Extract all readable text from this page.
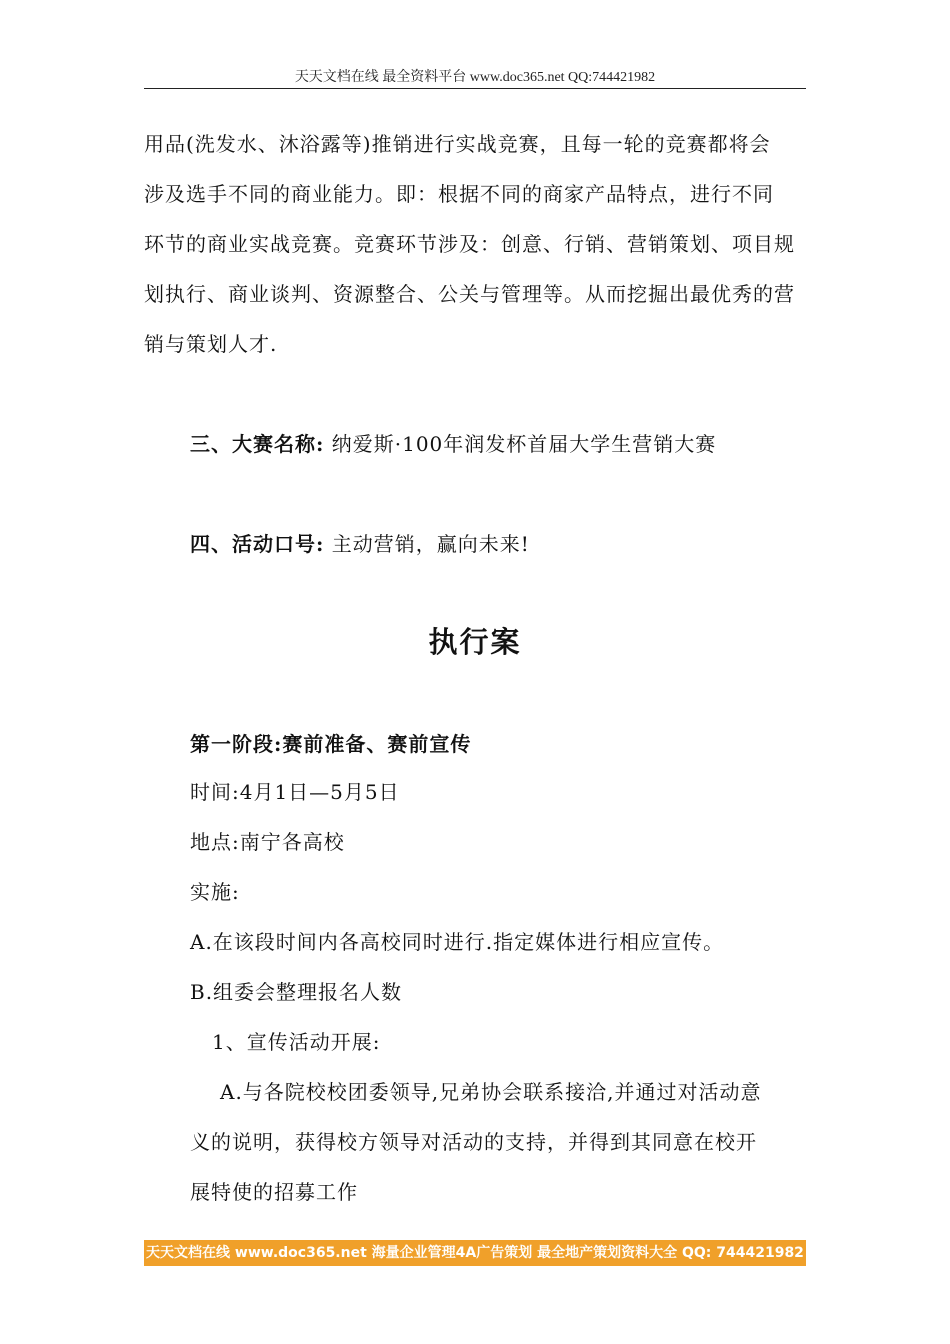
天天文档在线 最全资料平台 www.doc365.net QQ:744421982

用品(洗发水、沐浴露等)推销进行实战竞赛，且每一轮的竞赛都将会

涉及选手不同的商业能力。即：根据不同的商家产品特点，进行不同

环节的商业实战竞赛。竞赛环节涉及：创意、行销、营销策划、项目规

划执行、商业谈判、资源整合、公关与管理等。从而挖掘出最优秀的营

销与策划人才.

三、大赛名称: 纳爱斯·100年润发杯首届大学生营销大赛

四、活动口号: 主动营销，赢向未来!

执行案

第一阶段:赛前准备、赛前宣传

时间:4月1日—5月5日

地点:南宁各高校

实施:

A.在该段时间内各高校同时进行.指定媒体进行相应宣传。

B.组委会整理报名人数

1、宣传活动开展:

A.与各院校校团委领导,兄弟协会联系接洽,并通过对活动意

义的说明，获得校方领导对活动的支持，并得到其同意在校开

展特使的招募工作

天天文档在线 www.doc365.net 海量企业管理4A广告策划 最全地产策划资料大全 QQ: 744421982
